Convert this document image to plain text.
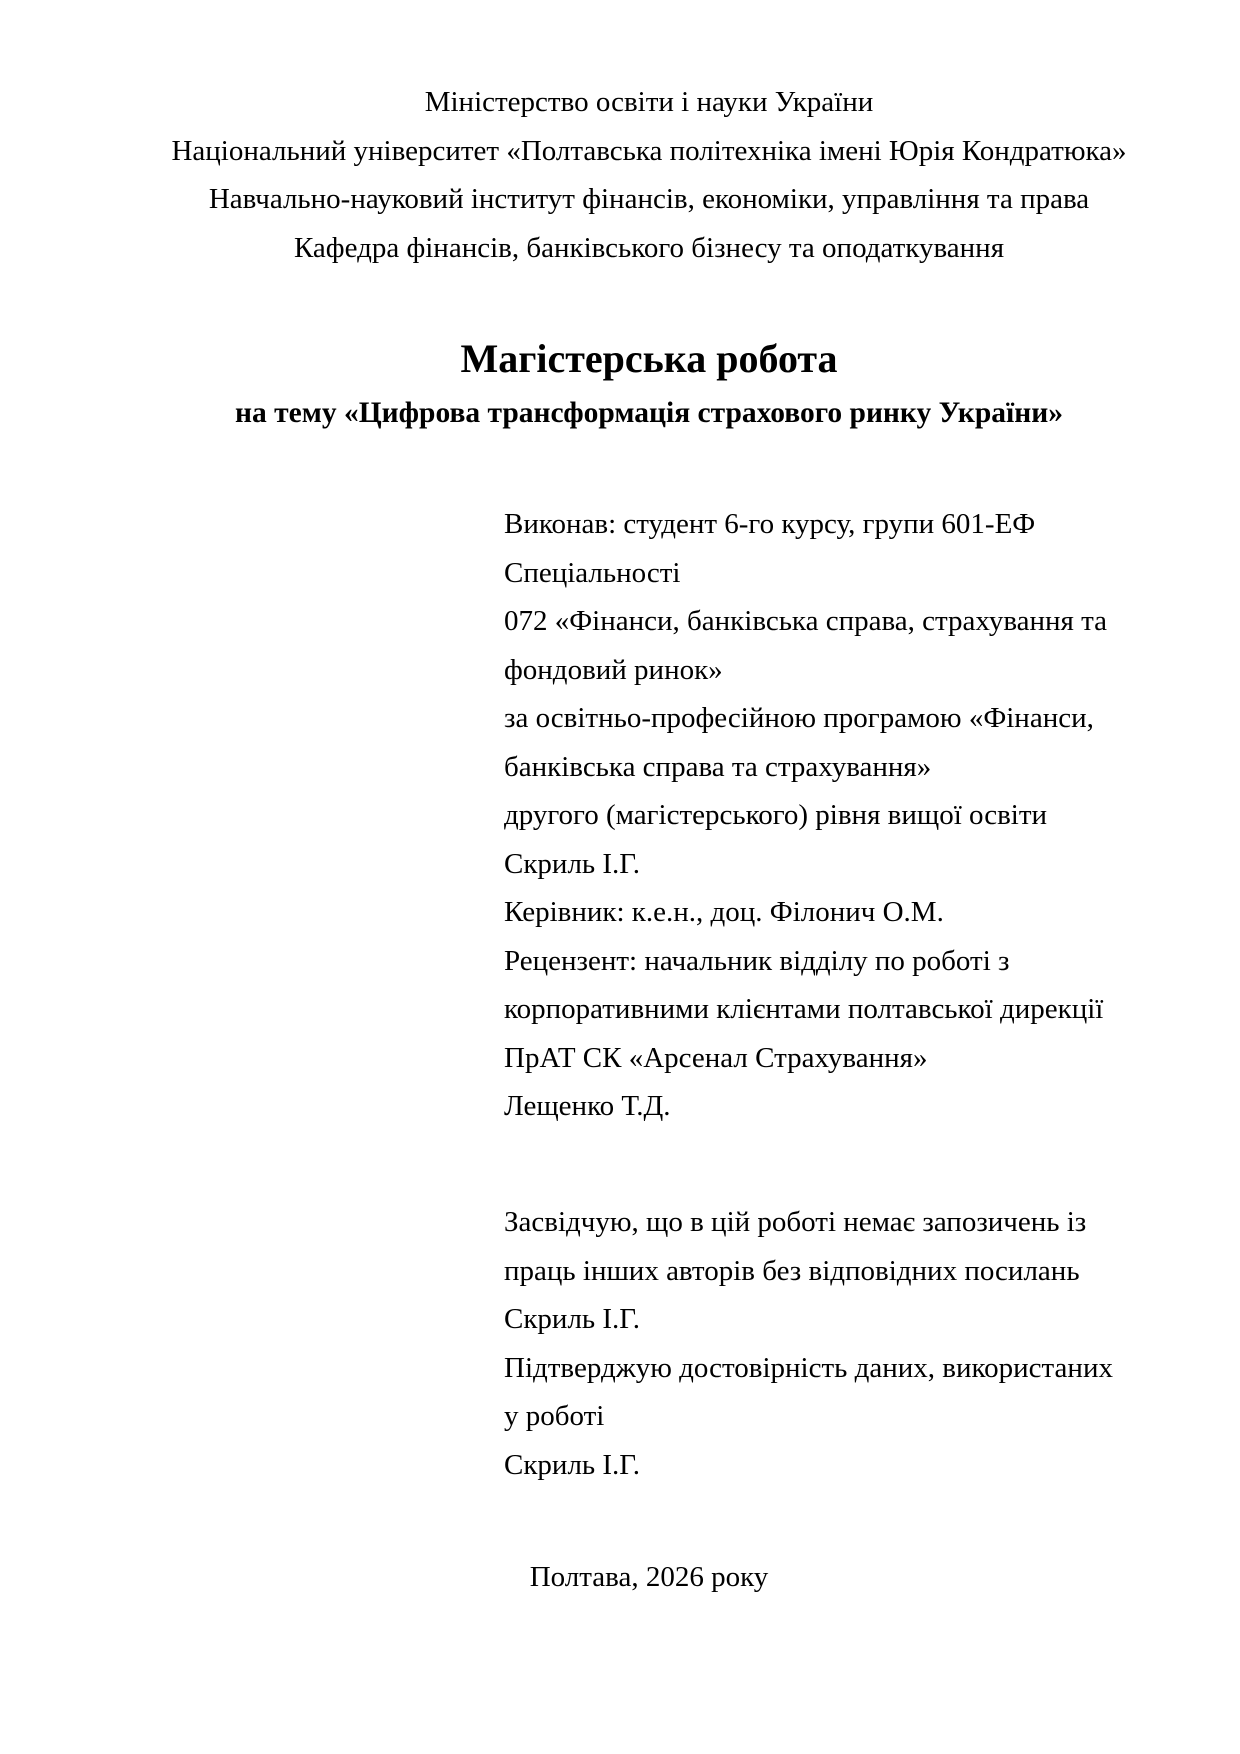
Міністерство освіти і науки України
Національний університет «Полтавська політехніка імені Юрія Кондратюка»
Навчально-науковий інститут фінансів, економіки, управління та права
Кафедра фінансів, банківського бізнесу та оподаткування
Магістерська робота

на тему «Цифрова трансформація страхового ринку України»

Виконав: студент 6-го курсу, групи 601-ЕФ
Спеціальності
072 «Фінанси, банківська справа, страхування та
фондовий ринок»
за освітньо-професійною програмою «Фінанси,
банківська справа та страхування»
другого (магістерського) рівня вищої освіти
Скриль І.Г.
Керівник: к.е.н., доц. Філонич О.М.
Рецензент: начальник відділу по роботі з
корпоративними клієнтами полтавської дирекції
ПрАТ СК «Арсенал Страхування»
Лещенко Т.Д.
Засвідчую, що в цій роботі немає запозичень із
праць інших авторів без відповідних посилань
Скриль І.Г.
Підтверджую достовірність даних, використаних
у роботі
Скриль І.Г.

Полтава, 2026 року
